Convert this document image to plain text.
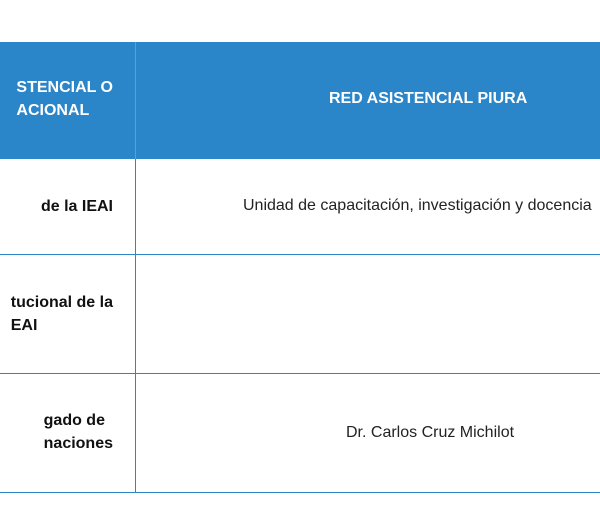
STENCIAL O
ACIONAL
RED ASISTENCIAL PIURA
de la IEAI	Unidad de capacitación, investigación y docencia
tucional de la
EAI
gado de
naciones
Dr. Carlos Cruz Michilot
